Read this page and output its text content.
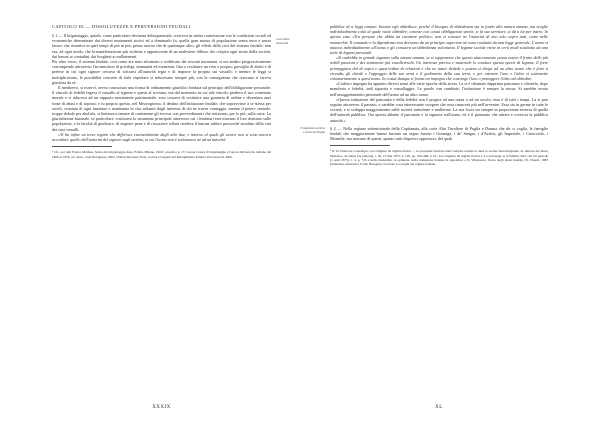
CAPITOLO III — DISSOLUTEZZE E PERVERSIONI FEUDALI

Caos delle immunità

§ 1 — Il brigantaggio, quindi, come particolare devianza delinquenziale, cresceva in stretta connessione con le condizioni sociali ed economiche determinate dai diversi mutamenti storici ed a dominarlo fu, quella gran massa di popolazione senza terra e senza lavoro che risentiva in quei tempi di più in più, prima ancora che di qualunque altro, gli effetti della crisi del sistema feudale; non era, ad ogni modo, che la manifestazione più violenta e appariscente di un malessere diffuso che colpiva ogni strato della società, dai baroni ai contadini, dai borghesi ai nullatenenti.

Per altro verso, il sistema feudale, così come era stato riformato e codificato dai sovrani normanni, si era andato progressivamente corrompendo attraverso l'accumularsi di privilegi, immunità ed esenzioni, fino a costituire un vero e proprio groviglio di diritti e di pretese in cui ogni signore cercava di sottrarsi all'autorità regia e di imporre la propria sui vassalli; e mentre le leggi si moltiplicavano, le possibilità concrete di farle rispettare si riducevano sempre più, con la conseguenza che ciascuno si faceva giustizia da sé.

Il medioevo, si osservi, aveva conosciuto una forma di ordinamento giuridico fondata sul principio dell'obbligazione personale: il vincolo di fedeltà legava il vassallo al signore e questi al sovrano; ma dal momento in cui tale vincolo perdeva il suo contenuto morale e si riduceva ad un rapporto meramente patrimoniale, esso cessava di costituire una garanzia di ordine e diventava anzi fonte di abusi e di soprusi; e fu proprio questo, nel Mezzogiorno, il destino dell'istituzione feudale, che sopravvisse a se stessa per secoli, svuotata di ogni funzione e mantenuta in vita soltanto dagli interessi di chi ne traeva vantaggio, mentre il potere centrale, troppo debole per abolirla, si limitava a tentare di contenerne gli eccessi con provvedimenti che restavano, per lo più, sulla carta. La giurisdizione baronale, in particolare, costituiva lo strumento principale attraverso cui i feudatari esercitavano il loro dominio sulle popolazioni, e la facoltà di giudicare, di imporre pene e di riscuotere tributi rendeva il barone arbitro pressoché assoluto della vita dei suoi vassalli.

«Vi ha infine un terzo regime che differisce essenzialmente dagli altri due, e intorno al quale gli storici non si sono ancora accordati: quello dell'autorità del signore sugli uomini, in cui l'uomo non è sottomesso né ad un'autorità

¹ Cfr., per tutti Franco Molfese, Storia del brigantaggio dopo l'Unità, Milano, 1964¹, passim e p. 17; Cesare Cesari, Il brigantaggio e l'opera dell'esercito italiano dal 1860 al 1870, cit. anast., Sala Bolognese, 2002; Ottavio Rossani, Stato, società e briganti nel Risorgimento italiano, Pescasseroli, 2002.

XXXIX

pubblica né a leggi comuni. Intanto egli obbedisce, perché il bisogno di obbedienza sta in fondo alla natura umana, ma sceglie individualmente colui al quale vuole obbedire; contrae con costui obbligazioni strette, si fa suo servitore, si dà a lui per intero. In questo caso «Tra persone che abbia un carattere politico; non si conosce ne l'autorità di uno solo sopra tutti, come nelle monarchie. Il comando e la dipendenza non derivano da un principio superiore né sono costituiti da una legge generale. L'uomo si attacca individualmente all'uomo e gli consacra un'obbedienza volontaria. Il legame sociale viene in certi modi sostituito da una serie di legami personali.

«Si cadrebbe in grande inganno sulla natura umana, se si supponesse che questo attaccamento possa essere il frutto delle più nobili passioni o dei sentimenti più cavallereschi. Un interesse preciso e materiale lo conduce questa specie di legame. Il forte primeggiava dal di sopra e quest'ordine di relazioni è che ne nasce dedede e poteva si dirige ad un altro uomo che è forte a vicenda, gli chiede e l'appoggio delle sue armi e il godimento della sua terra, e per ottenere l'uno e l'altro si sottomette volontariamente a quest'uomo. In costui dunque si forma un impegno che costringe l'uno o proteggere l'altro ad obbedire.

«Codesto impegno ha appunto diversi nomi alle varie epoche della storia. La si è chiamato dapprima patronato e clientela, dopo manifesto e fedeltà, indi signoria e vassallaggio. Le parole van cambiate, l'istituzione è sempre la stessa. Si sarebbe errato nell'assoggettamento personale dell'uomo ad un altro uomo.

«Questa istituzione del patronato e della fedeltà non è propria ad una razza o ad un secolo, essa è di tutti i tempi. La si può seguire attraverso il passato, e sarebbe cosa interessante scorgere che essa rinascerà più nell'avvenire. Essa sta in germe in tutte le società, e si sviluppa maggiormente nelle società turbolente e malferme. La sua forza sta sempre in proporzione inversa di quella dell'autorità pubblica. Ora questa abbatte il patronato e la signoria sull'uomo, ed è il patronato che atterra e rovescia la pubblica autorità.»

Fondazioni antiche e feudo di Puglia

§ 2 — Nella regione settentrionale della Capitanata, alla corte Alto Tavoliere di Puglia e Daunia che dir si voglia, le famiglie feudali che maggiormente hanno lasciato un segno furono i Gonzaga, i de' Sangro, i d'Avalos, gli Imperiale, i Caracciolo, i Mormile; ma nessuno di questi, quanto tutti dispotici oppressori, del quali

¹ N. D. Fustel de Coulanges, Les Origines du régime féodal — La propriété foncière dans l'empire romain et dans la société mérovingienne, in «Revue des Deux Mondes», 4e année (3e période), t. XI, 15 mai 1875, n. 105, pp. 436-468; e: Id., Les Origines du régime féodal, I. Le patronage et la fidélité, Ibid., 46 (3e période (1 août 1875), t. 4, p. 745 e nella medesima, la opinione, nella traduzione italiana in appendice a D. Winspeare, Storia degli abusi feudali, (N. Napoli, 1883 (riedizione anastatica, Forni, Bologna) col titolo: Le origini del regime feudale.

XL
